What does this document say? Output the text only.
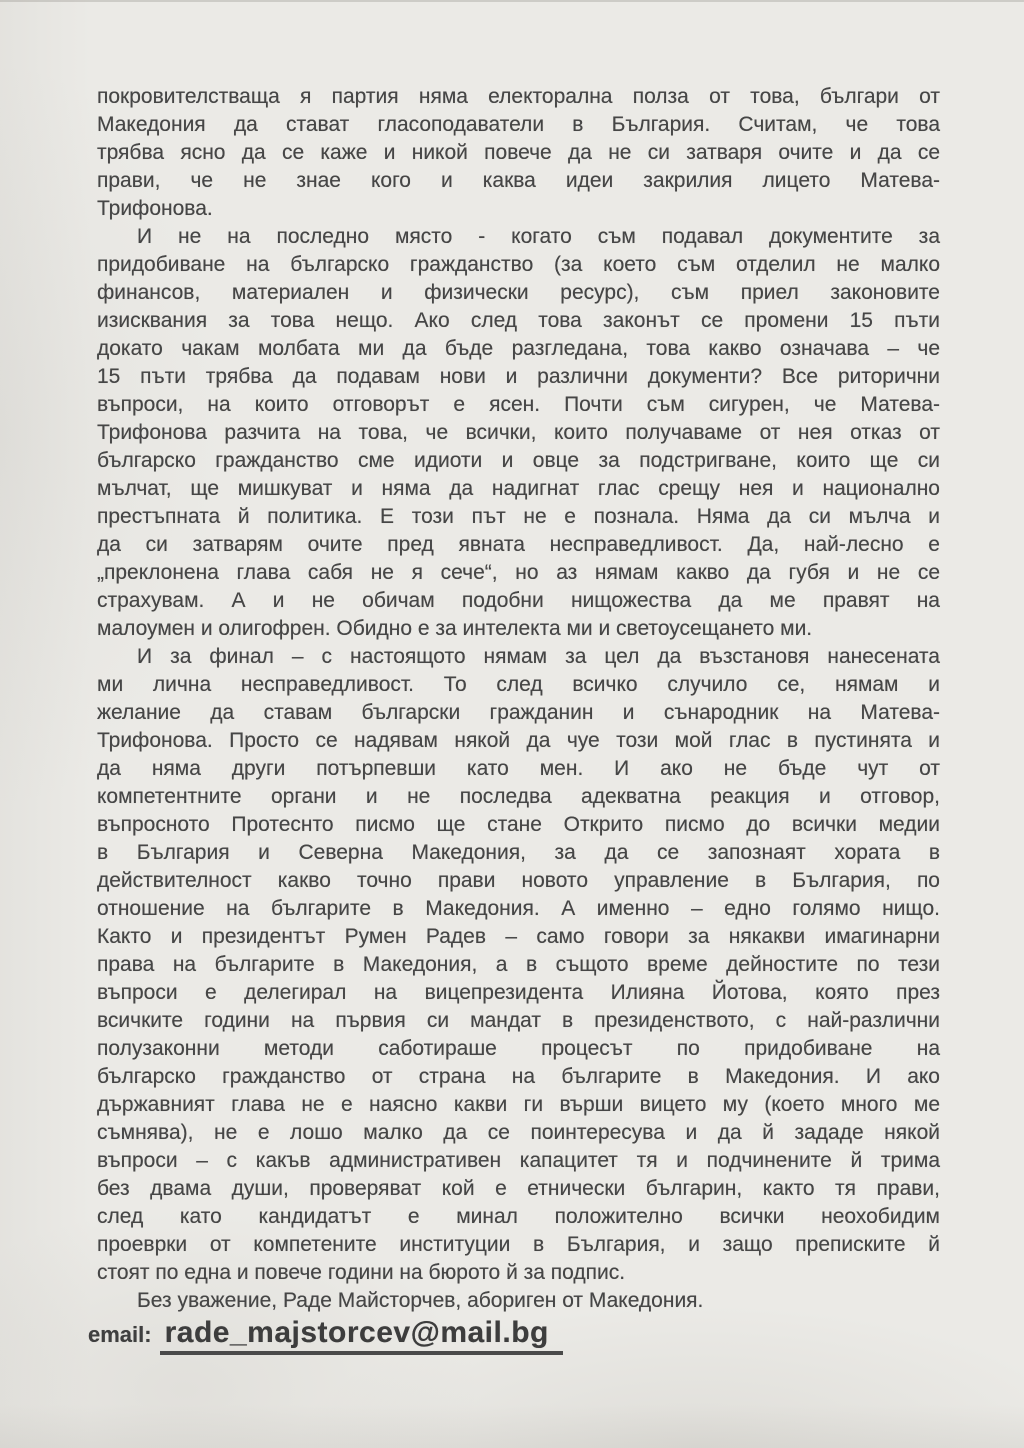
покровителстваща я партия няма електорална полза от това, българи от
Македония да стават гласоподаватели в България. Считам, че това
трябва ясно да се каже и никой повече да не си затваря очите и да се
прави, че не знае кого и каква идеи закрилия лицето Матева-
Трифонова.
И не на последно място - когато съм подавал документите за
придобиване на българско гражданство (за което съм отделил не малко
финансов, материален и физически ресурс), съм приел законовите
изисквания за това нещо. Ако след това законът се промени 15 пъти
докато чакам молбата ми да бъде разгледана, това какво означава – че
15 пъти трябва да подавам нови и различни документи? Все риторични
въпроси, на които отговорът е ясен. Почти съм сигурен, че Матева-
Трифонова разчита на това, че всички, които получаваме от нея отказ от
българско гражданство сме идиоти и овце за подстригване, които ще си
мълчат, ще мишкуват и няма да надигнат глас срещу нея и национално
престъпната й политика. Е този път не е познала. Няма да си мълча и
да си затварям очите пред явната несправедливост. Да, най-лесно е
„преклонена глава сабя не я сече“, но аз нямам какво да губя и не се
страхувам. А и не обичам подобни нищожества да ме правят на
малоумен и олигофрен. Обидно е за интелекта ми и светоусещането ми.
И за финал – с настоящото нямам за цел да възстановя нанесената
ми лична несправедливост. То след всичко случило се, нямам и
желание да ставам български гражданин и сънародник на Матева-
Трифонова. Просто се надявам някой да чуе този мой глас в пустинята и
да няма други потърпевши като мен. И ако не бъде чут от
компетентните органи и не последва адекватна реакция и отговор,
въпросното Протеснто писмо ще стане Открито писмо до всички медии
в България и Северна Македония, за да се запознаят хората в
действителност какво точно прави новото управление в България, по
отношение на българите в Македония. А именно – едно голямо нищо.
Както и президентът Румен Радев – само говори за някакви имагинарни
права на българите в Македония, а в същото време дейностите по тези
въпроси е делегирал на вицепрезидента Илияна Йотова, която през
всичките години на първия си мандат в президенството, с най-различни
полузаконни методи саботираше процесът по придобиване на
българско гражданство от страна на българите в Македония. И ако
държавният глава не е наясно какви ги върши вицето му (което много ме
съмнява), не е лошо малко да се поинтересува и да й зададе някой
въпроси – с какъв административен капацитет тя и подчинените й трима
без двама души, проверяват кой е етнически българин, както тя прави,
след като кандидатът е минал положително всички неохобидим
проеврки от компетените институции в България, и защо преписките й
стоят по една и повече години на бюрото й за подпис.
Без уважение, Раде Майсторчев, абориген от Македония.
email: rade_majstorcev@mail.bg
